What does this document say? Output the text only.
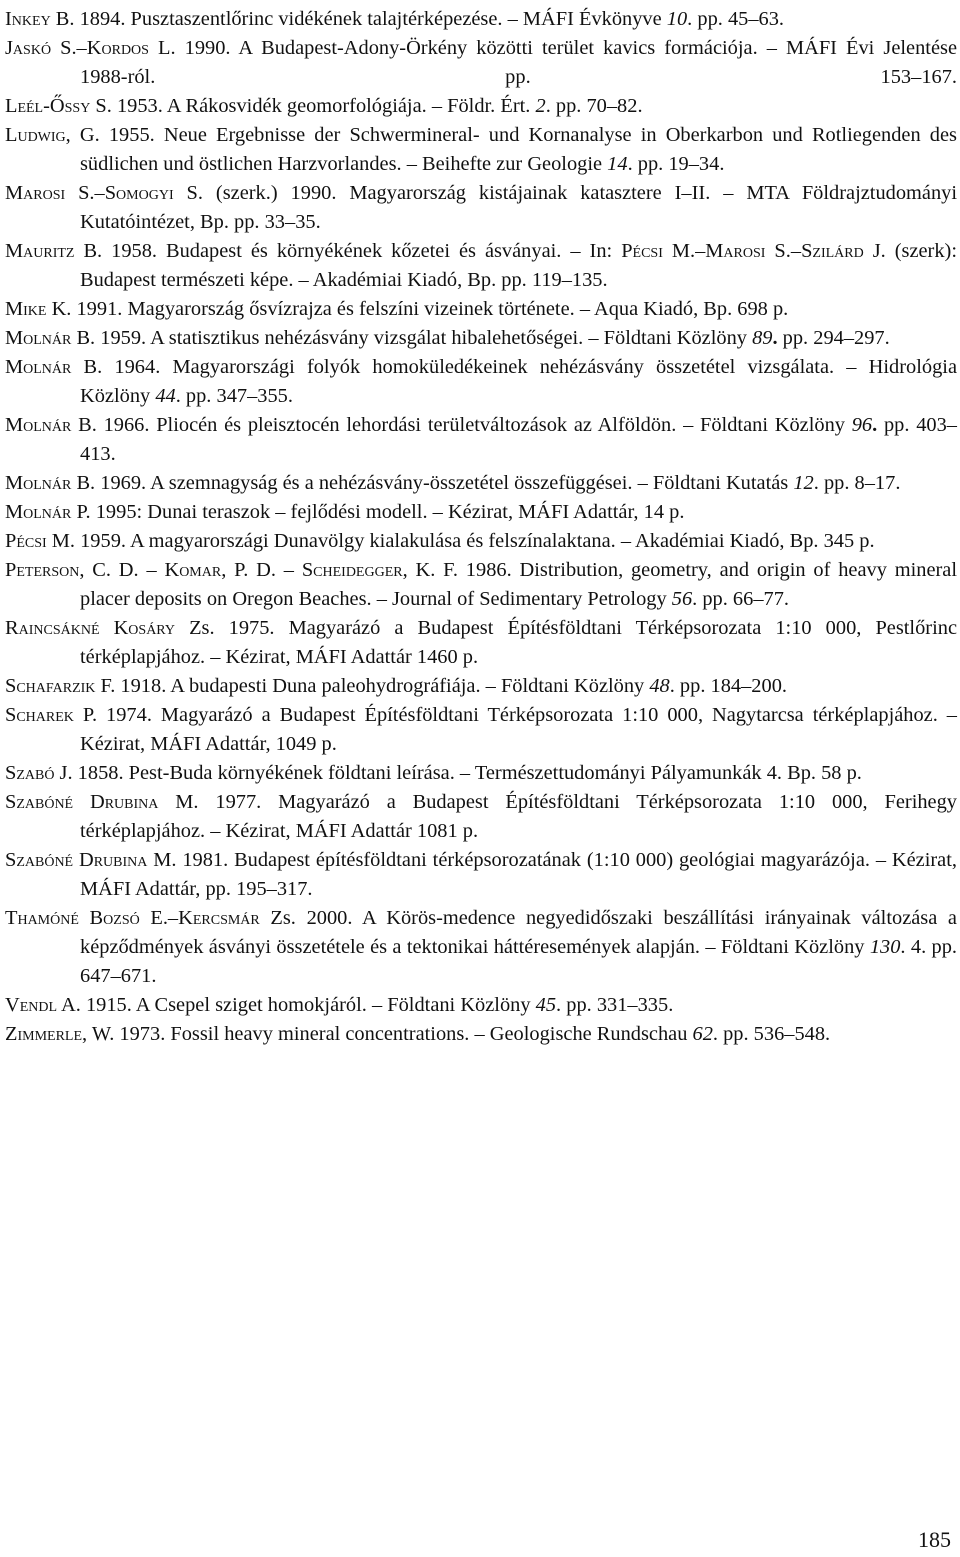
Inkey B. 1894. Pusztaszentlőrinc vidékének talajtérképezése. – MÁFI Évkönyve 10. pp. 45–63.

Jaskó S.–Kordos L. 1990. A Budapest-Adony-Örkény közötti terület kavics formációja. – MÁFI Évi Jelentése 1988-ról. pp. 153–167.

Leél-Őssy S. 1953. A Rákosvidék geomorfológiája. – Földr. Ért. 2. pp. 70–82.

Ludwig, G. 1955. Neue Ergebnisse der Schwermineral- und Kornanalyse in Oberkarbon und Rotliegenden des südlichen und östlichen Harzvorlandes. – Beihefte zur Geologie 14. pp. 19–34.

Marosi S.–Somogyi S. (szerk.) 1990. Magyarország kistájainak katasztere I–II. – MTA Földrajztudományi Kutatóintézet, Bp. pp. 33–35.

Mauritz B. 1958. Budapest és környékének kőzetei és ásványai. – In: Pécsi M.–Marosi S.–Szilárd J. (szerk): Budapest természeti képe. – Akadémiai Kiadó, Bp. pp. 119–135.

Mike K. 1991. Magyarország ősvízrajza és felszíni vizeinek története. – Aqua Kiadó, Bp. 698 p.

Molnár B. 1959. A statisztikus nehézásvány vizsgálat hibalehetőségei. – Földtani Közlöny 89. pp. 294–297.

Molnár B. 1964. Magyarországi folyók homoküledékeinek nehézásvány összetétel vizsgálata. – Hidrológia Közlöny 44. pp. 347–355.

Molnár B. 1966. Pliocén és pleisztocén lehordási területváltozások az Alföldön. – Földtani Közlöny 96. pp. 403–413.

Molnár B. 1969. A szemnagyság és a nehézásvány-összetétel összefüggései. – Földtani Kutatás 12. pp. 8–17.

Molnár P. 1995: Dunai teraszok – fejlődési modell. – Kézirat, MÁFI Adattár, 14 p.

Pécsi M. 1959. A magyarországi Dunavölgy kialakulása és felszínalaktana. – Akadémiai Kiadó, Bp. 345 p.

Peterson, C. D. – Komar, P. D. – Scheidegger, K. F. 1986. Distribution, geometry, and origin of heavy mineral placer deposits on Oregon Beaches. – Journal of Sedimentary Petrology 56. pp. 66–77.

Raincsákné Kosáry Zs. 1975. Magyarázó a Budapest Építésföldtani Térképsorozata 1:10 000, Pestlőrinc térképlapjához. – Kézirat, MÁFI Adattár 1460 p.

Schafarzik F. 1918. A budapesti Duna paleohydrográfiája. – Földtani Közlöny 48. pp. 184–200.

Scharek P. 1974. Magyarázó a Budapest Építésföldtani Térképsorozata 1:10 000, Nagytarcsa térképlapjához. – Kézirat, MÁFI Adattár, 1049 p.

Szabó J. 1858. Pest-Buda környékének földtani leírása. – Természettudományi Pályamunkák 4. Bp. 58 p.

Szabóné Drubina M. 1977. Magyarázó a Budapest Építésföldtani Térképsorozata 1:10 000, Ferihegy térképlapjához. – Kézirat, MÁFI Adattár 1081 p.

Szabóné Drubina M. 1981. Budapest építésföldtani térképsorozatának (1:10 000) geológiai magyarázója. – Kézirat, MÁFI Adattár, pp. 195–317.

Thamóné Bozsó E.–Kercsmár Zs. 2000. A Körös-medence negyedidőszaki beszállítási irányainak változása a képződmények ásványi összetétele és a tektonikai háttéresemények alapján. – Földtani Közlöny 130. 4. pp. 647–671.

Vendl A. 1915. A Csepel sziget homokjáról. – Földtani Közlöny 45. pp. 331–335.

Zimmerle, W. 1973. Fossil heavy mineral concentrations. – Geologische Rundschau 62. pp. 536–548.

185
